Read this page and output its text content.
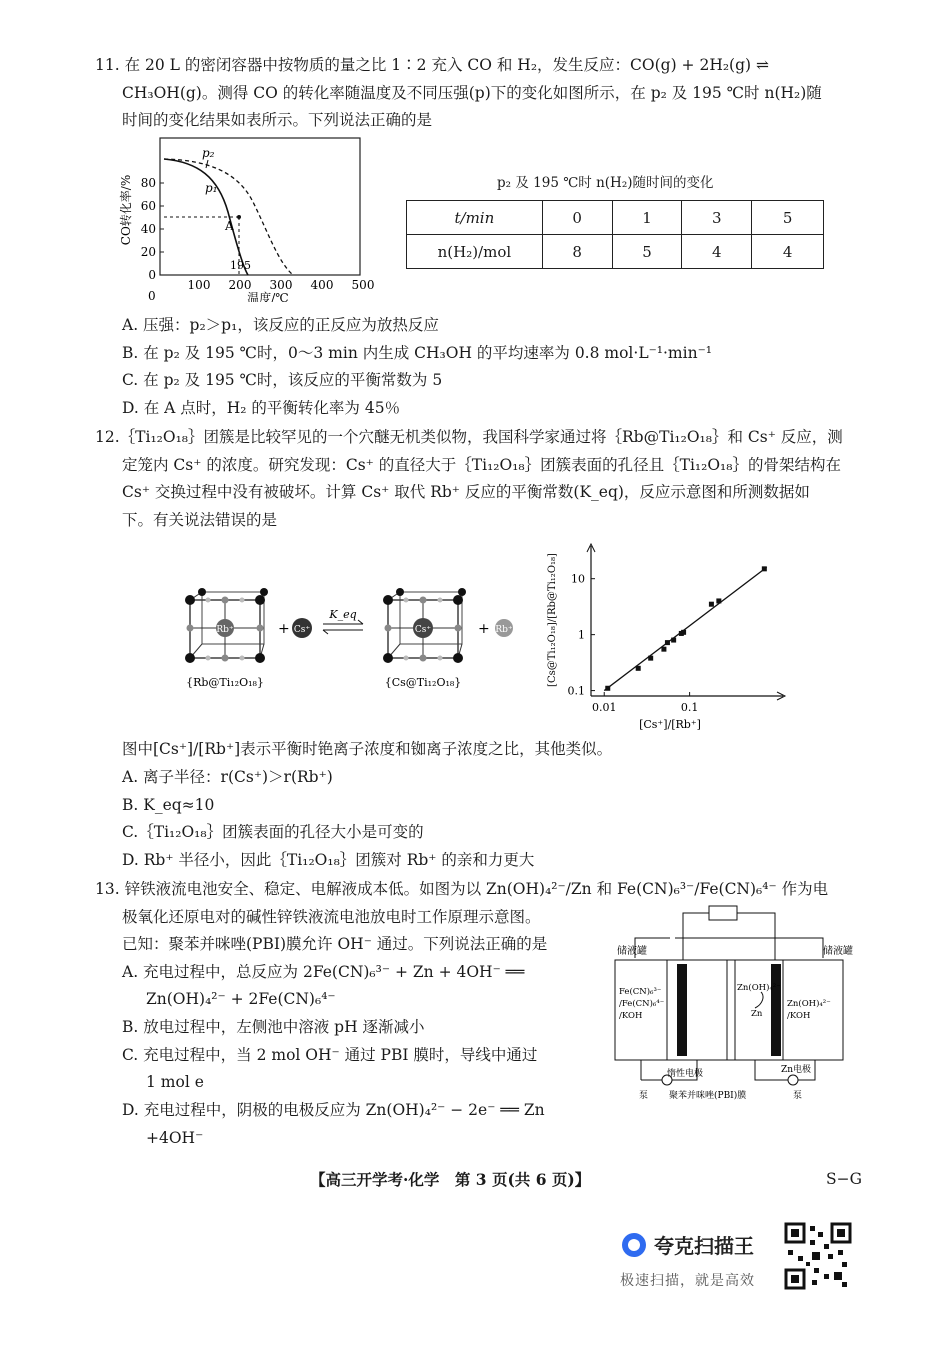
11. 在 20 L 的密闭容器中按物质的量之比 1∶2 充入 CO 和 H₂，发生反应：CO(g) + 2H₂(g) ⇌
CH₃OH(g)。测得 CO 的转化率随温度及不同压强(p)下的变化如图所示，在 p₂ 及 195 ℃时 n(H₂)随
时间的变化结果如表所示。下列说法正确的是
0
20
40
60
80
100 200 300 400 500
0
A
195
p₂
p₁
CO转化率/%
温度/℃
p₂ 及 195 ℃时 n(H₂)随时间的变化
t/min	0	1	3	5
n(H₂)/mol	8	5	4	4
A. 压强：p₂＞p₁，该反应的正反应为放热反应
B. 在 p₂ 及 195 ℃时，0～3 min 内生成 CH₃OH 的平均速率为 0.8 mol·L⁻¹·min⁻¹
C. 在 p₂ 及 195 ℃时，该反应的平衡常数为 5
D. 在 A 点时，H₂ 的平衡转化率为 45％
12.｛Ti₁₂O₁₈｝团簇是比较罕见的一个穴醚无机类似物，我国科学家通过将｛Rb@Ti₁₂O₁₈｝和 Cs⁺ 反应，测
定笼内 Cs⁺ 的浓度。研究发现：Cs⁺ 的直径大于｛Ti₁₂O₁₈｝团簇表面的孔径且｛Ti₁₂O₁₈｝的骨架结构在
Cs⁺ 交换过程中没有被破坏。计算 Cs⁺ 取代 Rb⁺ 反应的平衡常数(K_eq)，反应示意图和所测数据如
下。有关说法错误的是
Rb⁺	+ Cs⁺
K_eq
Cs⁺	+ Rb⁺
{Rb@Ti₁₂O₁₈}	{Cs@Ti₁₂O₁₈}
0.1
1
10
0.01	0.1
[Cs@Ti₁₂O₁₈]/[Rb@Ti₁₂O₁₈]
[Cs⁺]/[Rb⁺]
图中[Cs⁺]/[Rb⁺]表示平衡时铯离子浓度和铷离子浓度之比，其他类似。
A. 离子半径：r(Cs⁺)＞r(Rb⁺)
B. K_eq≈10
C.｛Ti₁₂O₁₈｝团簇表面的孔径大小是可变的
D. Rb⁺ 半径小，因此｛Ti₁₂O₁₈｝团簇对 Rb⁺ 的亲和力更大
13. 锌铁液流电池安全、稳定、电解液成本低。如图为以 Zn(OH)₄²⁻/Zn 和 Fe(CN)₆³⁻/Fe(CN)₆⁴⁻ 作为电
极氧化还原电对的碱性锌铁液流电池放电时工作原理示意图。
已知：聚苯并咪唑(PBI)膜允许 OH⁻ 通过。下列说法正确的是
A. 充电过程中，总反应为 2Fe(CN)₆³⁻ + Zn + 4OH⁻ ══
Zn(OH)₄²⁻ + 2Fe(CN)₆⁴⁻
B. 放电过程中，左侧池中溶液 pH 逐渐减小
C. 充电过程中，当 2 mol OH⁻ 通过 PBI 膜时，导线中通过
1 mol e
D. 充电过程中，阴极的电极反应为 Zn(OH)₄²⁻ − 2e⁻ ══ Zn
+4OH⁻
储液罐	储液罐
Fe(CN)₆³⁻
/Fe(CN)₆⁴⁻
/KOH
Zn(OH)₄²⁻
Zn
Zn(OH)₄²⁻
/KOH
惰性电极	Zn电极
泵 聚苯并咪唑(PBI)膜	泵
【高三开学考·化学　第 3 页(共 6 页)】	S−G
夸克扫描王
极速扫描，就是高效
